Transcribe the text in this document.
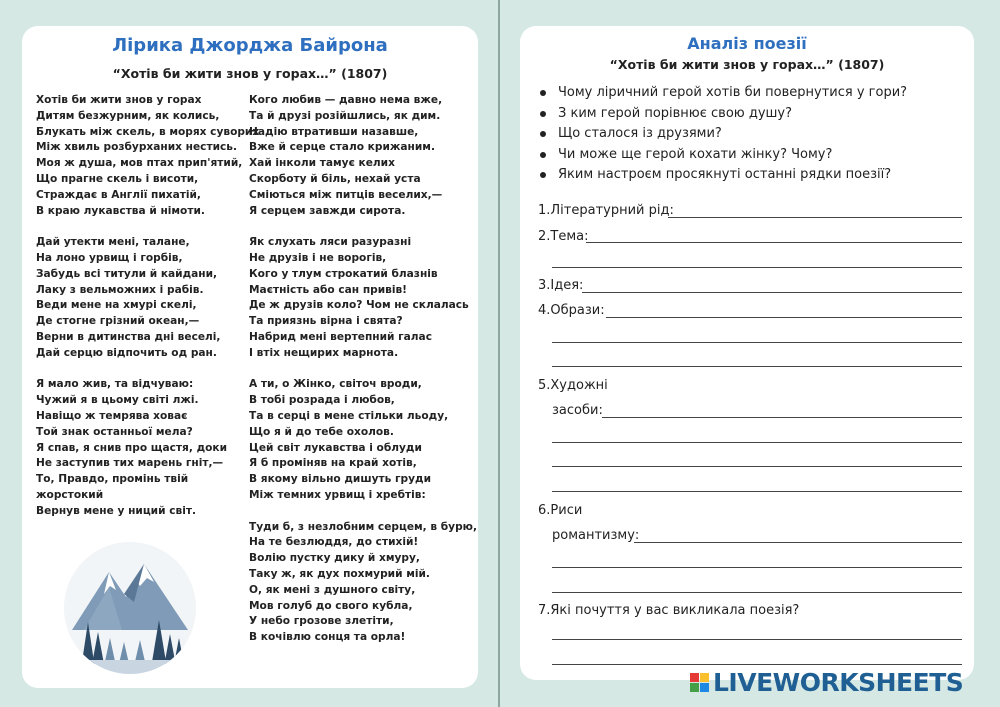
Лірика Джорджа Байрона
“Хотів би жити знов у горах…” (1807)
Хотів би жити знов у горах
Дитям безжурним, як колись,
Блукать між скель, в морях суворих
Між хвиль розбурханих нестись.
Моя ж душа, мов птах прип'ятий,
Що прагне скель і висоти,
Страждає в Англії пихатій,
В краю лукавства й німоти.
Дай утекти мені, талане,
На лоно урвищ і горбів,
Забудь всі титули й кайдани,
Лаку з вельможних і рабів.
Веди мене на хмурі скелі,
Де стогне грізний океан,—
Верни в дитинства дні веселі,
Дай серцю відпочить од ран.
Я мало жив, та відчуваю:
Чужий я в цьому світі лжі.
Навіщо ж темрява ховає
Той знак останньої мела?
Я спав, я снив про щастя, доки
Не заступив тих марень гніт,—
То, Правдо, промінь твій
жорстокий
Вернув мене у ниций світ.
Кого любив — давно нема вже,
Та й друзі розійшлись, як дим.
Надію втративши назавше,
Вже й серце стало крижаним.
Хай інколи тамує келих
Скорботу й біль, нехай уста
Сміються між питців веселих,—
Я серцем завжди сирота.
Як слухать ляси разуразні
Не друзів і не ворогів,
Кого у тлум строкатий блазнів
Маєтність або сан привів!
Де ж друзів коло? Чом не склалась
Та приязнь вірна і свята?
Набрид мені вертепний галас
І втіх нещирих марнота.
А ти, о Жінко, світоч вроди,
В тобі розрада і любов,
Та в серці в мене стільки льоду,
Що я й до тебе охолов.
Цей світ лукавства і облуди
Я б проміняв на край хотів,
В якому вільно дишуть груди
Між темних урвищ і хребтів:
Туди б, з незлобним серцем, в бурю,
На те безлюддя, до стихій!
Волію пустку дику й хмуру,
Таку ж, як дух похмурий мій.
О, як мені з душного світу,
Мов голуб до свого кубла,
У небо грозове злетіти,
В кочівлю сонця та орла!
Аналіз поезії
“Хотів би жити знов у горах…” (1807)
Чому ліричний герой хотів би повернутися у гори?
З ким герой порівнює свою душу?
Що сталося із друзями?
Чи може ще герой кохати жінку? Чому?
Яким настроєм просякнуті останні рядки поезії?
1.Літературний рід:
2.Тема:
3.Ідея:
4.Образи:
5.Художні
засоби:
6.Риси
романтизму:
7.Які почуття у вас викликала поезія?
LIVEWORKSHEETS
